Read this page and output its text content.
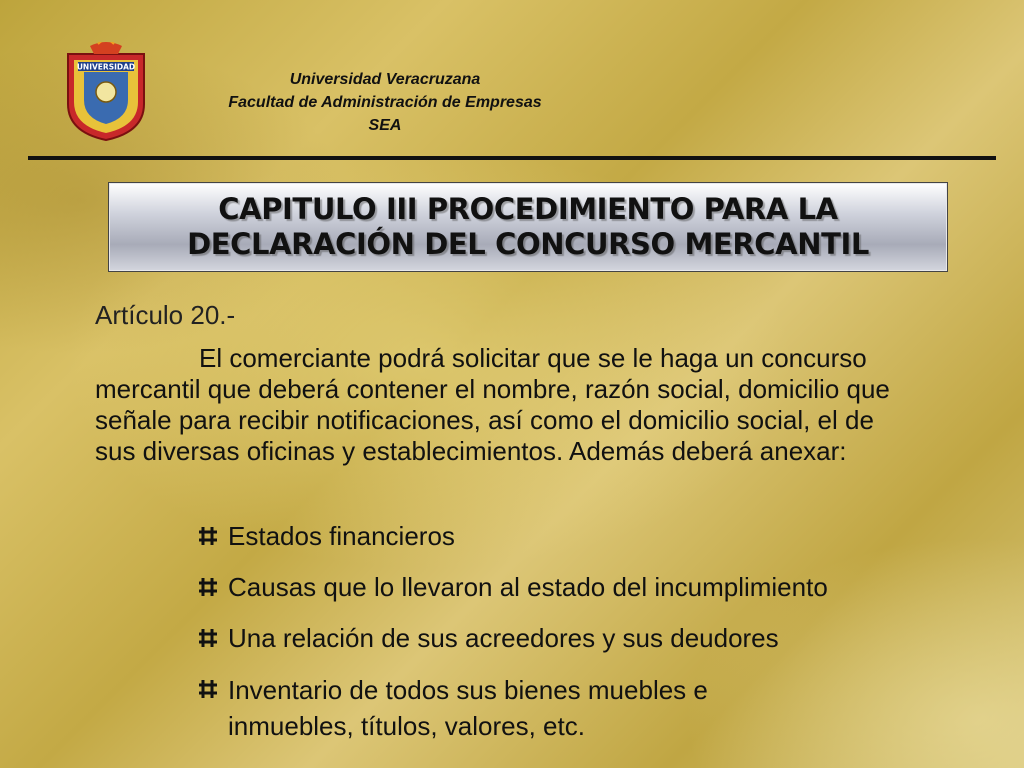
UNIVERSIDAD
Universidad Veracruzana
Facultad de Administración de Empresas
SEA
CAPITULO III PROCEDIMIENTO PARA LA
DECLARACIÓN DEL CONCURSO MERCANTIL
Artículo 20.-
El comerciante podrá solicitar que se le haga un concurso mercantil que deberá contener el nombre, razón social, domicilio que señale para recibir notificaciones, así como el domicilio social, el de sus diversas oficinas y establecimientos. Además deberá anexar:
Estados financieros
Causas que lo llevaron al estado del incumplimiento
Una relación de sus acreedores y sus deudores
Inventario de todos sus bienes muebles e inmuebles, títulos, valores, etc.
